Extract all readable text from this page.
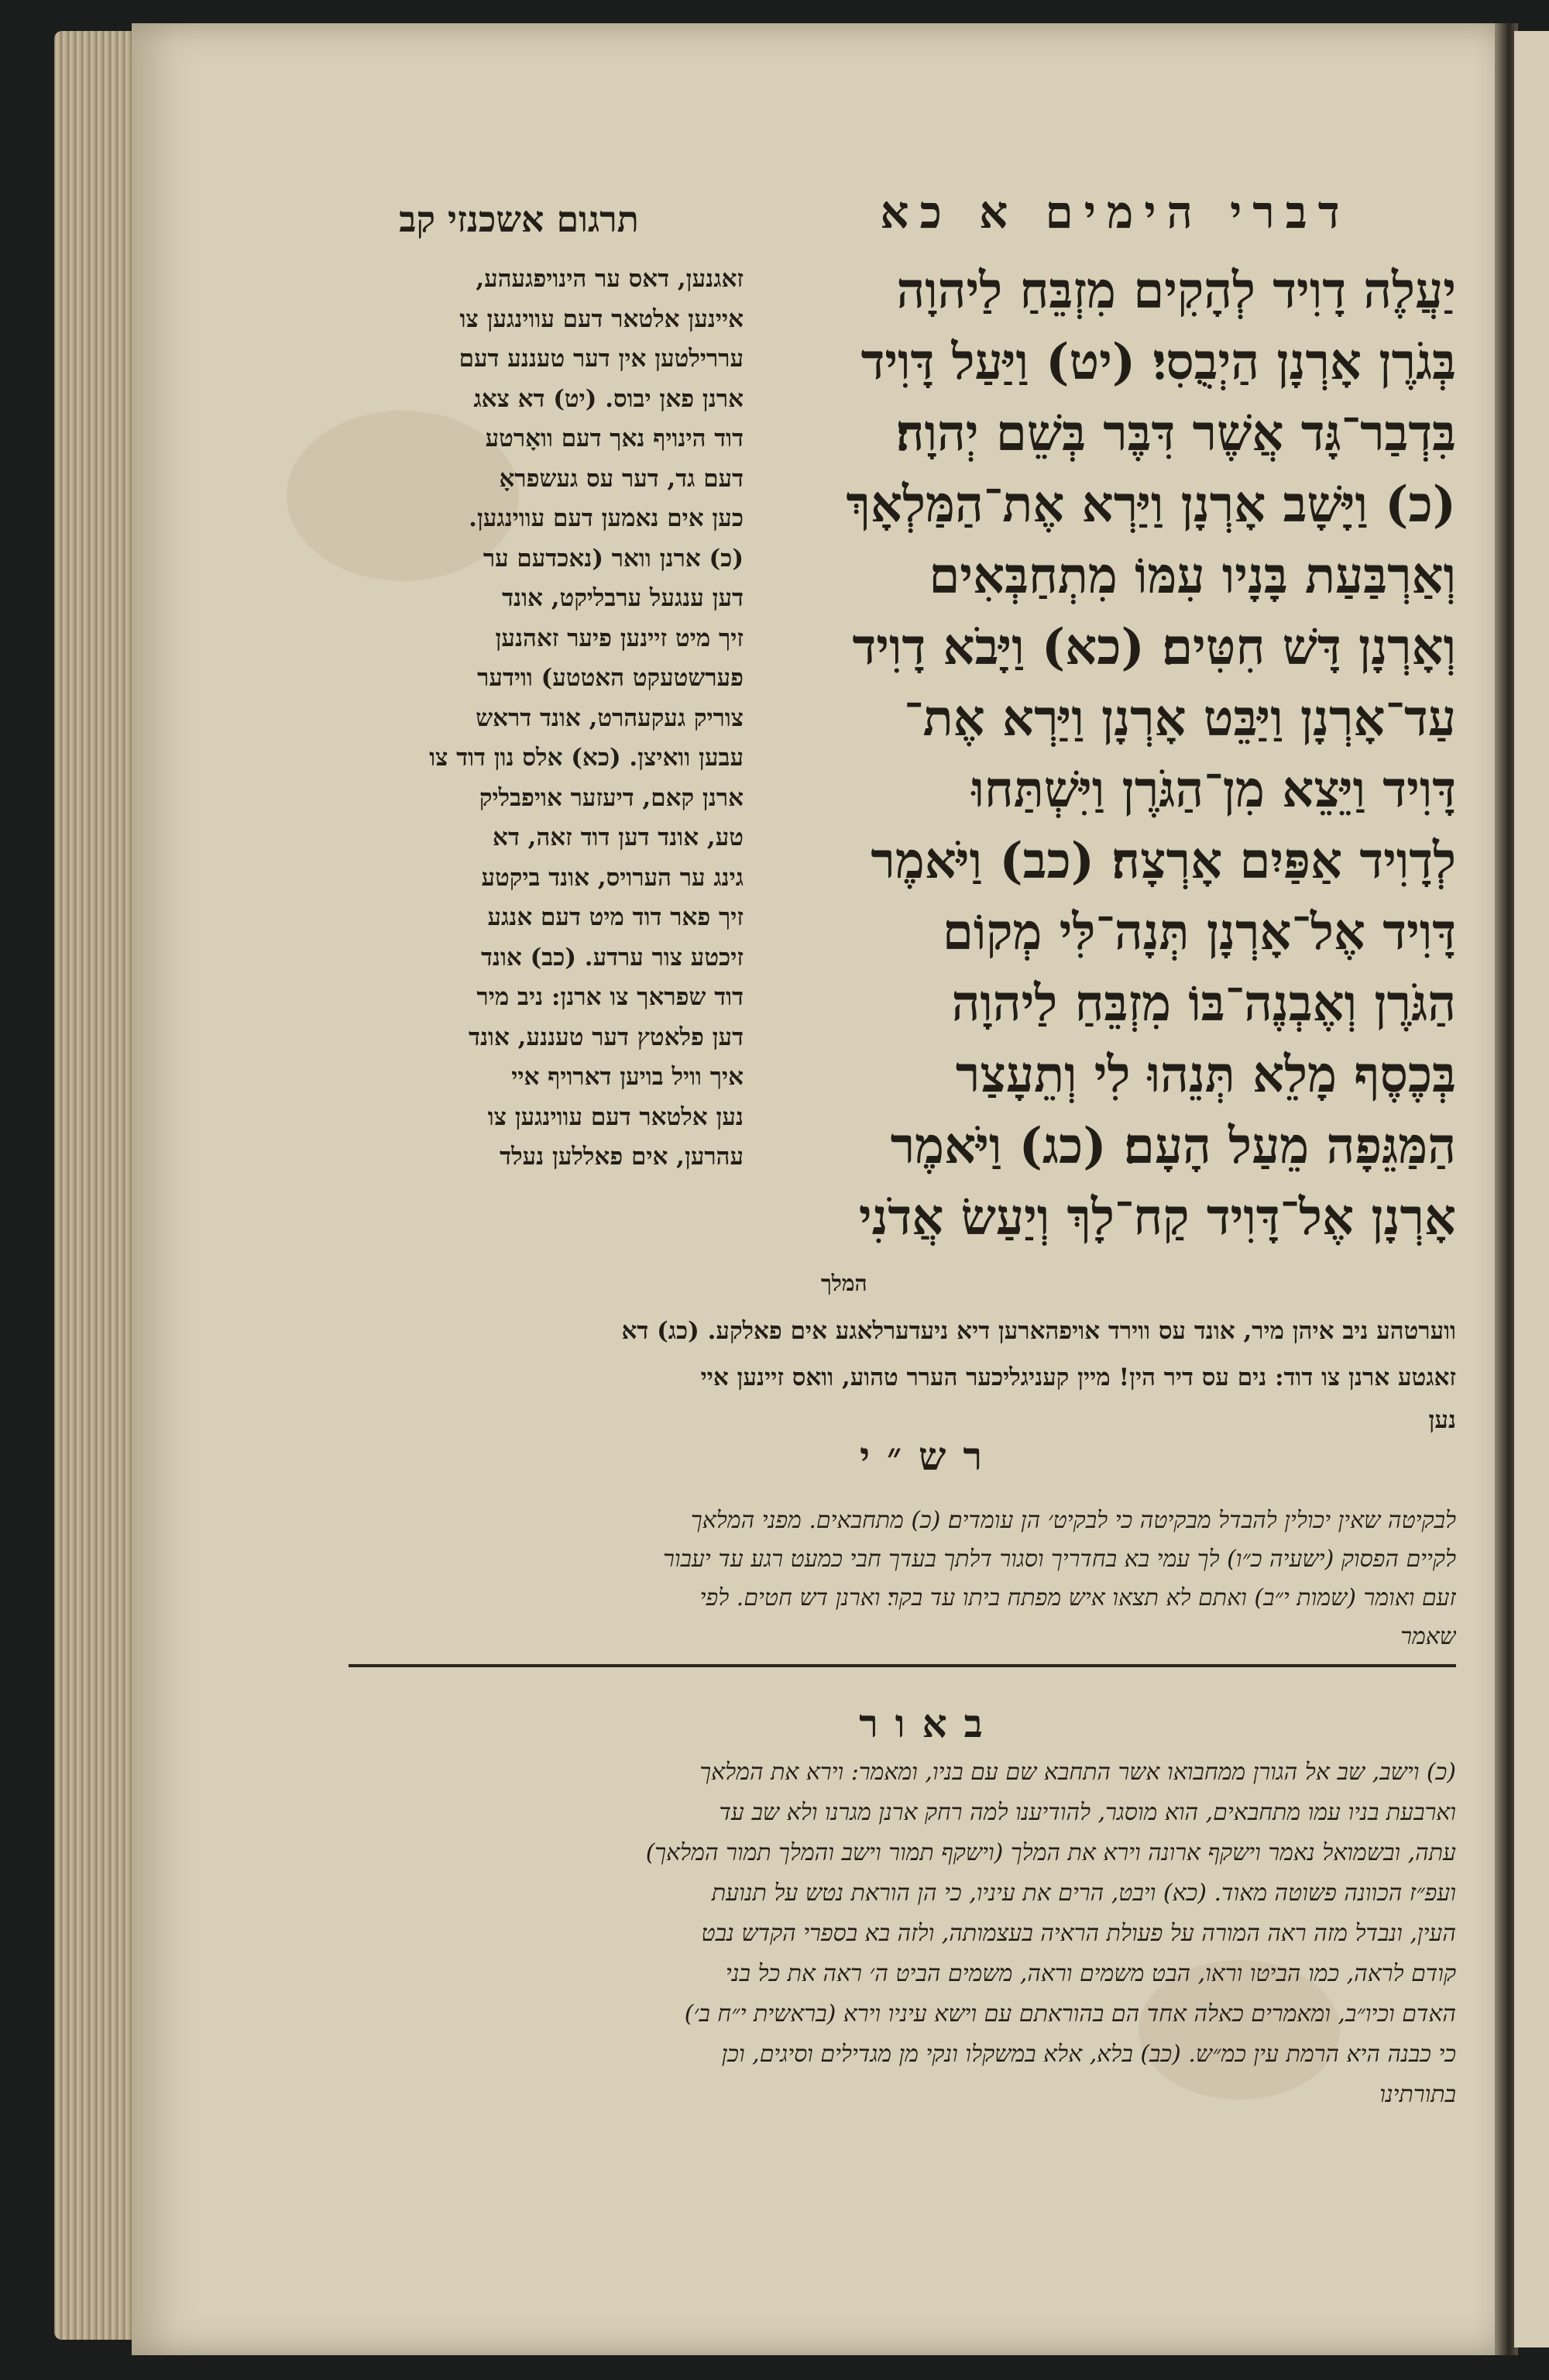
דברי הימים א כא
תרגום אשכנזי קב
יַעֲלֶה דָוִיד לְהָקִים מִזְבֵּחַ לַיהוָה
בְּגֹרֶן אָרְנָן הַיְבֻסִי׃ (יט) וַיַּעַל דָּוִיד
בִּדְבַר־גָּד אֲשֶׁר דִּבֶּר בְּשֵׁם יְהוָה׃
(כ) וַיָּשָׁב אָרְנָן וַיַּרְא אֶת־הַמַּלְאָךְ
וְאַרְבַּעַת בָּנָיו עִמּוֹ מִתְחַבְּאִים
וְאָרְנָן דָּשׁ חִטִּים׃ (כא) וַיָּבֹא דָוִיד
עַד־אָרְנָן וַיַּבֵּט אָרְנָן וַיַּרְא אֶת־
דָּוִיד וַיֵּצֵא מִן־הַגֹּרֶן וַיִּשְׁתַּחוּ
לְדָוִיד אַפַּיִם אָרְצָה׃ (כב) וַיֹּאמֶר
דָּוִיד אֶל־אָרְנָן תְּנָה־לִּי מְקוֹם
הַגֹּרֶן וְאֶבְנֶה־בּוֹ מִזְבֵּחַ לַיהוָה
בְּכֶסֶף מָלֵא תְּנֵהוּ לִי וְתֵעָצַר
הַמַּגֵּפָה מֵעַל הָעָם׃ (כג) וַיֹּאמֶר
אָרְנָן אֶל־דָּוִיד קַח־לָךְ וְיַעַשׂ אֲדֹנִי
המלך
זאגנען, דאס ער הינויפגעהע,
איינען אלטאר דעם עווינגען צו
עררילטען אין דער טעננע דעם
ארנן פאן יבוס. (יט) דא צאג
דוד הינויף נאך דעם וואָרטע
דעם גד, דער עס געשפראָ
כען אים נאמען דעם עווינגען.
(כ) ארנן וואר (נאכדעם ער
דען ענגעל ערבליקט, אונד
זיך מיט זיינען פיער זאהנען
פערשטעקט האטטע) ווידער
צוריק געקעהרט, אונד דראש
עבען וואיצן. (כא) אלס נון דוד צו
ארנן קאם, דיעזער אויפבליק
טע, אונד דען דוד זאה, דא
גינג ער הערויס, אונד ביקטע
זיך פאר דוד מיט דעם אנגע
זיכטע צור ערדע. (כב) אונד
דוד שפראך צו ארנן: ניב מיר
דען פלאטץ דער טעננע, אונד
איך וויל בויען דארויף איי
נען אלטאר דעם עווינגען צו
עהרען, אים פאללען נעלד
ווערטהע ניב איהן מיר, אונד עס ווירד אויפהארען דיא ניעדערלאגע אים פאלקע. (כג) דא
זאגטע ארנן צו דוד: נים עס דיר הין! מיין קעניגליכער הערר טהוע, וואס זיינען איי
נען
רש״י
לבקיטה שאין יכולין להבדל מבקיטה כי לבקיט׳ הן עומדים׃ (כ) מתחבאים. מפני המלאך
לקיים הפסוק (ישעיה כ״ו) לך עמי בא בחדריך וסגור דלתך בעדך חבי כמעט רגע עד יעבור
זעם ואומר (שמות י״ב) ואתם לא תצאו איש מפתח ביתו עד בקר׃ וארנן דש חטים. לפי
שאמר
באור
(כ) וישב, שב אל הגורן ממחבואו אשר התחבא שם עם בניו, ומאמר: וירא את המלאך
וארבעת בניו עמו מתחבאים, הוא מוסגר, להודיענו למה רחק ארנן מגרנו ולא שב עד
עתה, ובשמואל נאמר וישקף ארונה וירא את המלך (וישקף תמור וישב והמלך תמור המלאך)
ועפ״ז הכוונה פשוטה מאוד. (כא) ויבט, הרים את עיניו, כי הן הוראת נטש על תנועת
העין, ונבדל מזה ראה המורה על פעולת הראיה בעצמותה, ולזה בא בספרי הקדש נבט
קודם לראה, כמו הביטו וראו, הבט משמים וראה, משמים הביט ה׳ ראה את כל בני
האדם וכיו״ב, ומאמרים כאלה אחד הם בהוראתם עם וישא עיניו וירא (בראשית י״ח ב׳)
כי כבנה היא הרמת עין כמ״ש. (כב) בלא, אלא במשקלו ונקי מן מגדילים וסיגים, וכן
בתורתינו
